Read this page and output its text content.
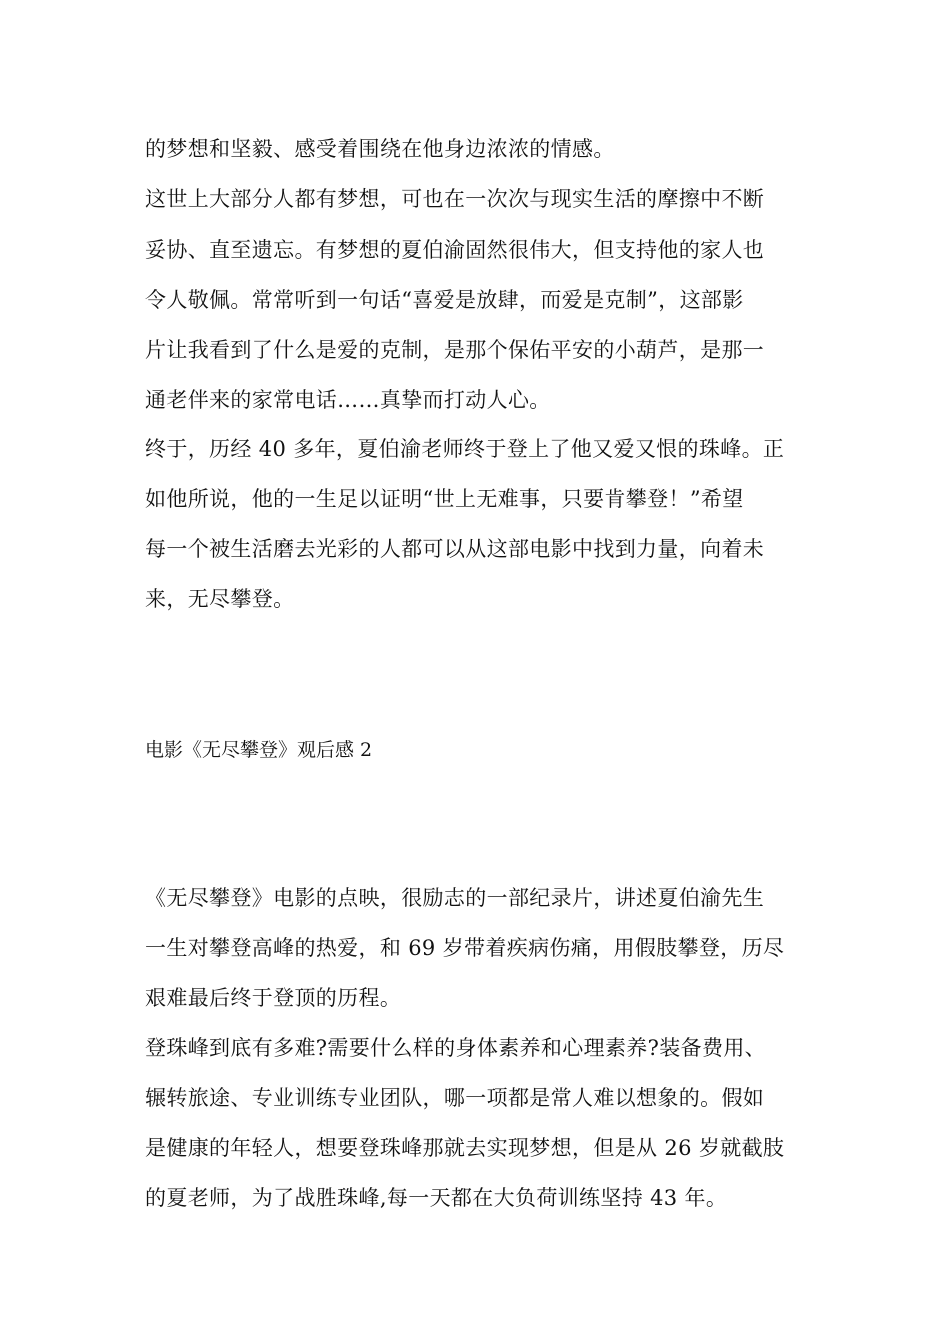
的梦想和坚毅、感受着围绕在他身边浓浓的情感。

这世上大部分人都有梦想，可也在一次次与现实生活的摩擦中不断

妥协、直至遗忘。有梦想的夏伯渝固然很伟大，但支持他的家人也

令人敬佩。常常听到一句话“喜爱是放肆，而爱是克制”，这部影

片让我看到了什么是爱的克制，是那个保佑平安的小葫芦，是那一

通老伴来的家常电话……真挚而打动人心。

终于，历经 40 多年，夏伯渝老师终于登上了他又爱又恨的珠峰。正

如他所说，他的一生足以证明“世上无难事，只要肯攀登！”希望

每一个被生活磨去光彩的人都可以从这部电影中找到力量，向着未

来，无尽攀登。

电影《无尽攀登》观后感 2

《无尽攀登》电影的点映，很励志的一部纪录片，讲述夏伯渝先生

一生对攀登高峰的热爱，和 69 岁带着疾病伤痛，用假肢攀登，历尽

艰难最后终于登顶的历程。

登珠峰到底有多难?需要什么样的身体素养和心理素养?装备费用、

辗转旅途、专业训练专业团队，哪一项都是常人难以想象的。假如

是健康的年轻人，想要登珠峰那就去实现梦想，但是从 26 岁就截肢

的夏老师，为了战胜珠峰,每一天都在大负荷训练坚持 43 年。
